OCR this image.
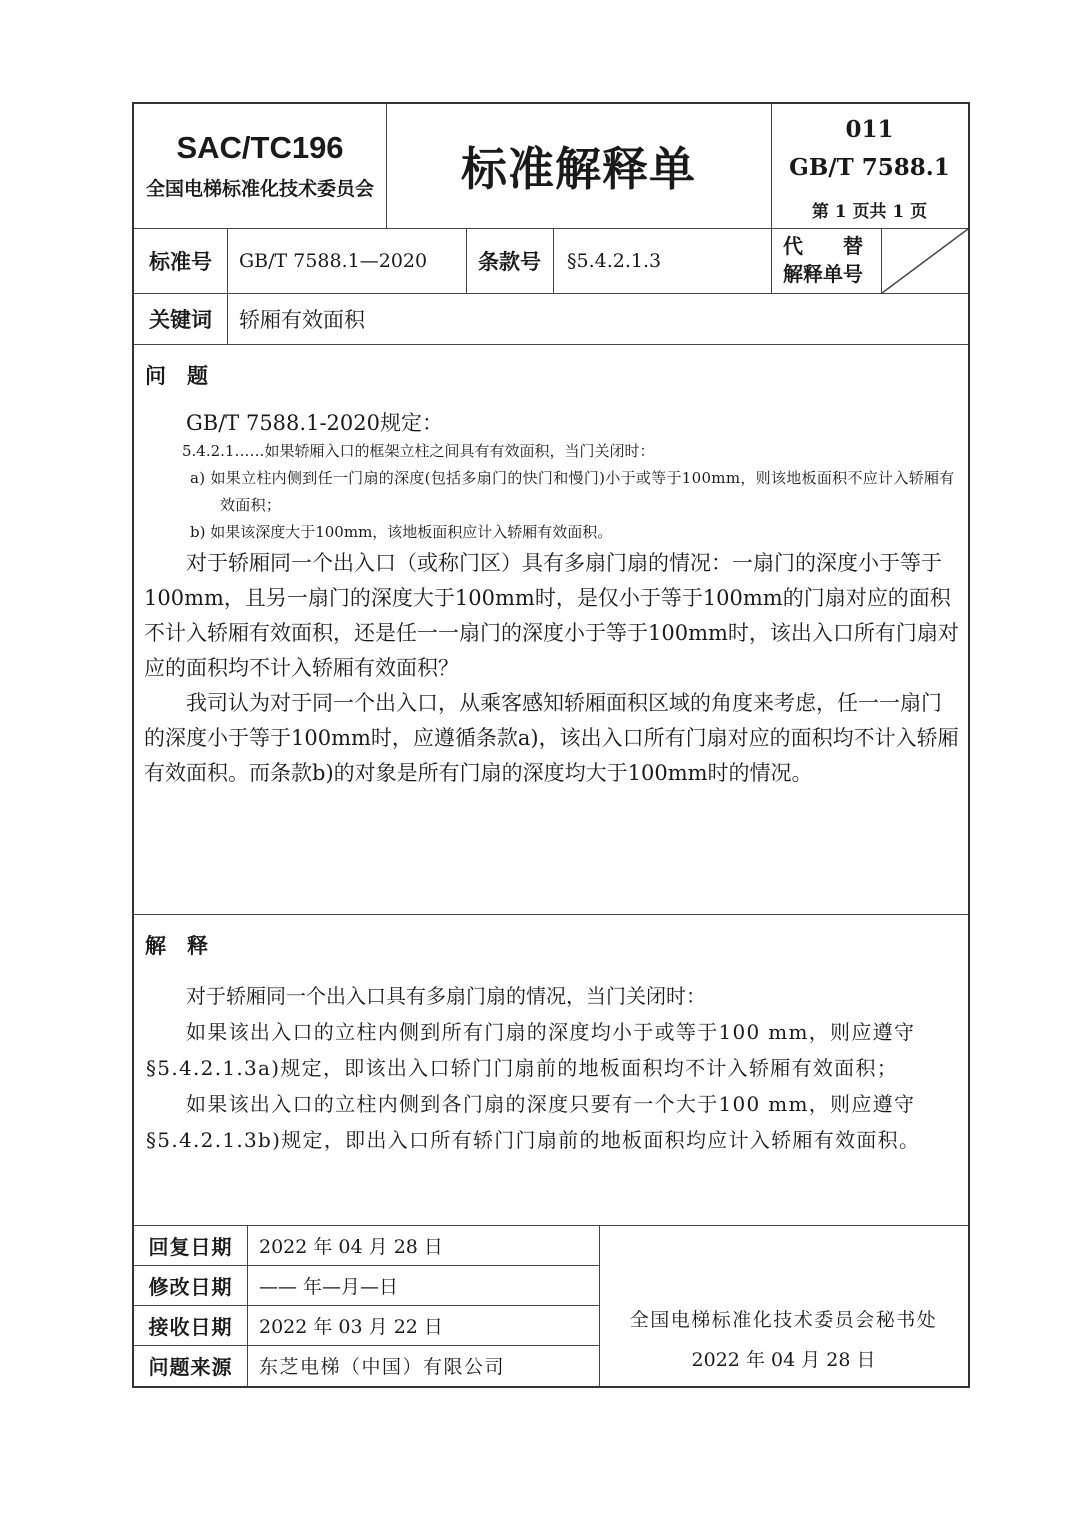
SAC/TC196
全国电梯标准化技术委员会	标准解释单
011
GB/T 7588.1
第 1 页共 1 页
标准号	GB/T 7588.1—2020	条款号	§5.4.2.1.3
代　　替
解释单号
关键词	轿厢有效面积
问　题

GB/T 7588.1-2020规定：

5.4.2.1……如果轿厢入口的框架立柱之间具有有效面积，当门关闭时：

a) 如果立柱内侧到任一门扇的深度(包括多扇门的快门和慢门)小于或等于100mm，则该地板面积不应计入轿厢有效面积；

b) 如果该深度大于100mm，该地板面积应计入轿厢有效面积。

对于轿厢同一个出入口（或称门区）具有多扇门扇的情况：一扇门的深度小于等于100mm，且另一扇门的深度大于100mm时，是仅小于等于100mm的门扇对应的面积不计入轿厢有效面积，还是任一一扇门的深度小于等于100mm时，该出入口所有门扇对应的面积均不计入轿厢有效面积？

我司认为对于同一个出入口，从乘客感知轿厢面积区域的角度来考虑，任一一扇门的深度小于等于100mm时，应遵循条款a)，该出入口所有门扇对应的面积均不计入轿厢有效面积。而条款b)的对象是所有门扇的深度均大于100mm时的情况。

解　释

对于轿厢同一个出入口具有多扇门扇的情况，当门关闭时：

如果该出入口的立柱内侧到所有门扇的深度均小于或等于100 mm，则应遵守§5.4.2.1.3a)规定，即该出入口轿门门扇前的地板面积均不计入轿厢有效面积；

如果该出入口的立柱内侧到各门扇的深度只要有一个大于100 mm，则应遵守§5.4.2.1.3b)规定，即出入口所有轿门门扇前的地板面积均应计入轿厢有效面积。

回复日期	2022 年 04 月 28 日
修改日期	—— 年—月—日
接收日期	2022 年 03 月 22 日
问题来源	东芝电梯（中国）有限公司
全国电梯标准化技术委员会秘书处
2022 年 04 月 28 日
